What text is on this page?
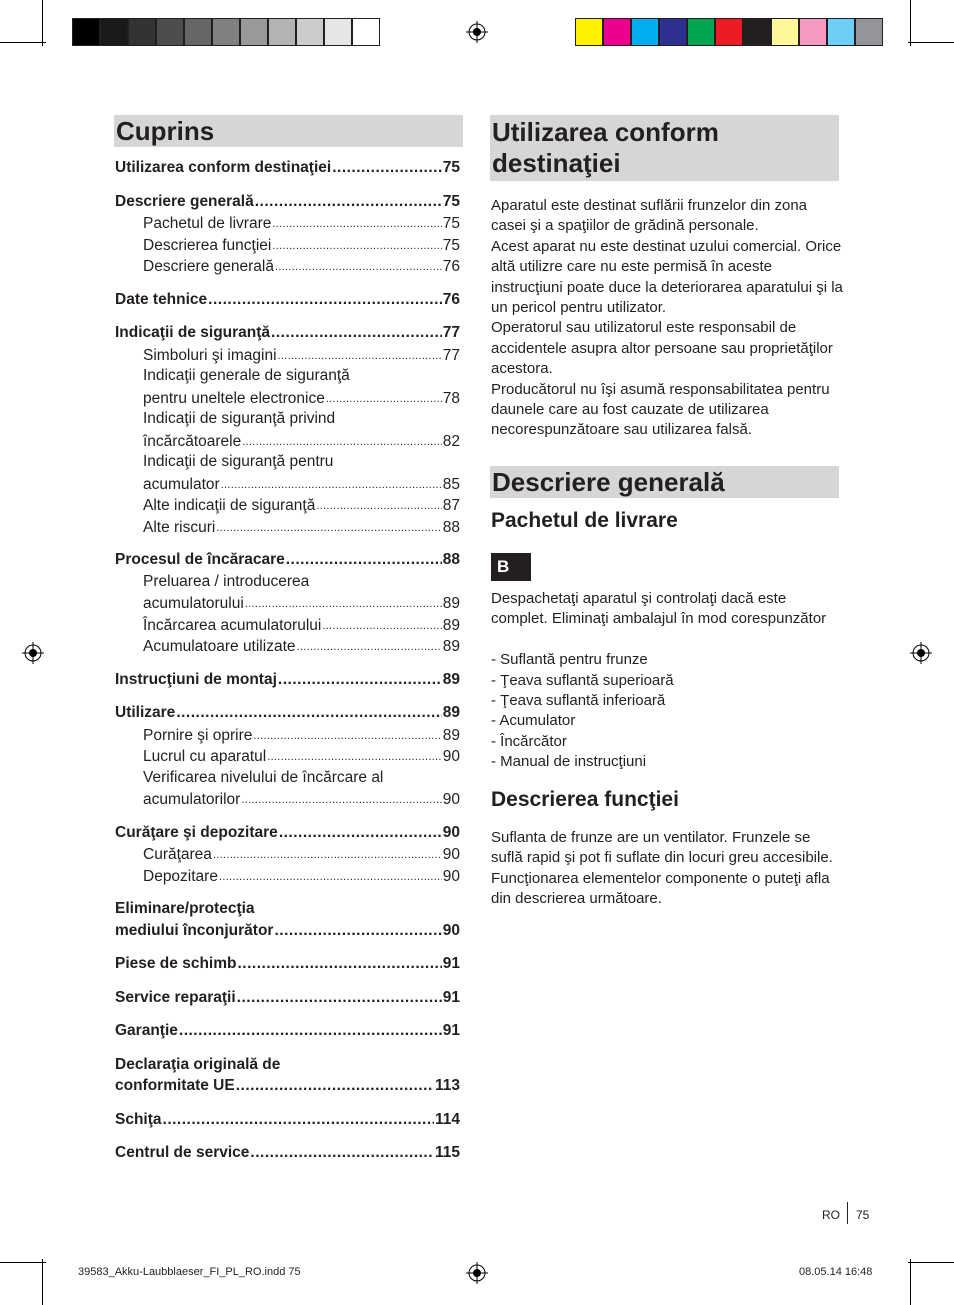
Cuprins
Utilizarea conform destinaţiei .....	75
Descriere generală .....	75
Pachetul de livrare .....	75
Descrierea funcţiei .....	75
Descriere generală .....	76
Date tehnice .....	76
Indicaţii de siguranţă .....	77
Simboluri şi imagini .....	77
Indicaţii generale de siguranţă
pentru uneltele electronice .....	78
Indicaţii de siguranţă privind
încărcătoarele .....	82
Indicaţii de siguranţă pentru
acumulator .....	85
Alte indicaţii de siguranţă .....	87
Alte riscuri .....	88
Procesul de încăracare .....	88
Preluarea / introducerea
acumulatorului .....	89
Încărcarea acumulatorului .....	89
Acumulatoare utilizate .....	89
Instrucţiuni de montaj .....	89
Utilizare .....	89
Pornire şi oprire .....	89
Lucrul cu aparatul .....	90
Verificarea nivelului de încărcare al
acumulatorilor .....	90
Curăţare şi depozitare .....	90
Curăţarea .....	90
Depozitare .....	90
Eliminare/protecţia
mediului înconjurător .....	90
Piese de schimb .....	91
Service reparaţii .....	91
Garanţie .....	91
Declaraţia originală de
conformitate UE .....	113
Schiţa .....	114
Centrul de service .....	115
Utilizarea conform
destinaţiei

Aparatul este destinat suflării frunzelor din zona casei şi a spaţiilor de grădină personale.

Acest aparat nu este destinat uzului comercial. Orice altă utilizre care nu este permisă în aceste instrucţiuni poate duce la deteriorarea aparatului şi la un pericol pentru utilizator.

Operatorul sau utilizatorul este responsabil de accidentele asupra altor persoane sau proprietăţilor acestora.

Producătorul nu îşi asumă responsabilitatea pentru daunele care au fost cauzate de utilizarea necorespunzătoare sau utilizarea falsă.

Descriere generală
Pachetul de livrare
B

Despachetaţi aparatul şi controlaţi dacă este complet. Eliminaţi ambalajul în mod corespunzător

- Suflantă pentru frunze
- Ţeava suflantă superioară
- Ţeava suflantă inferioară
- Acumulator
- Încărcător
- Manual de instrucţiuni
Descrierea funcţiei

Suflanta de frunze are un ventilator. Frunzele se suflă rapid şi pot fi suflate din locuri greu accesibile. Funcţionarea elementelor componente o puteţi afla din descrierea următoare.

RO 75
39583_Akku-Laubblaeser_FI_PL_RO.indd 75	08.05.14 16:48
